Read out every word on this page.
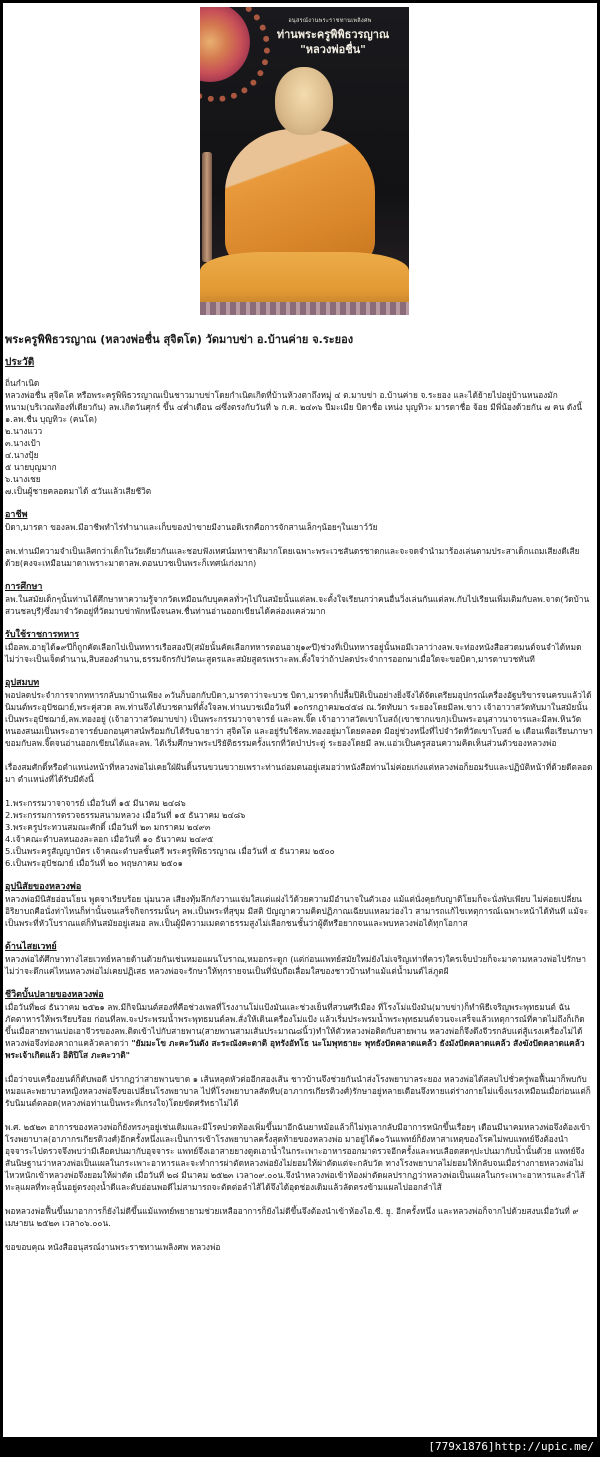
อนุสรณ์งานพระราชทานเพลิงศพ
ท่านพระครูพิพิธวรญาณ
"หลวงพ่อชื่น"
พระครูพิพิธวรญาณ (หลวงพ่อชื่น สุจิตโต) วัดมาบข่า อ.บ้านค่าย จ.ระยอง
ประวัติ

ถิ่นกำเนิด

หลวงพ่อชื่น สุจิตโต หรือพระครูพิพิธวรญาณเป็นชาวมาบข่าโดยกำเนิดเกิดที่บ้านห้วงตาถึงหมู่ ๔ ต.มาบข่า อ.บ้านค่าย จ.ระยอง และได้ย้ายไปอยู่บ้านหนองมักหนาม(บริเวณท้องที่เดียวกัน) ลพ.เกิดวันศุกร์ ขึ้น ๔ค่ำเดือน ๘ซึ่งตรงกับวันที่ ๖ ก.ค. ๒๔๓๖ ปีมะเมีย บิดาชื่อ เหน่ง บุญทิวะ มารดาชื่อ จ้อย มีพี่น้องด้วยกัน ๗ คน ดังนี้

๑.ลพ.ชื่น บุญทิวะ (คนโต)

๒.นางแวว

๓.นางเป้า

๔.นางปุ้ย

๕ นายบุญมาก

๖.นางเชย

๗.เป็นผู้ชายคลอดมาได้ ๕วันแล้วเสียชีวิต

อาชีพ

บิดา,มารดา ของลพ.มีอาชีพทำไร่ทำนาและเก็บของป่าขายมีงานอดิเรกคือการจักสานเล็กๆน้อยๆในเยาว์วัย

ลพ.ท่านมีความจำเป็นเลิศกว่าเด็กในวัยเดียวกันและชอบฟังเทศน์มหาชาติมากโดยเฉพาะพระเวชสันดรชาดกและจะจดจำนำมาร้องเล่นตามประสาเด็กแถมเสียงดีเสียด้วย(คงจะเหมือนมาดาเพราะมาดาลพ.ตอนบวชเป็นพระก็เทศน์เก่งมาก)

การศึกษา

ลพ.ในสมัยเด็กๆนั้นท่านได้ศึกษาหาความรู้จากวัดเหมือนกับบุคคลทั่วๆไปในสมัยนั้นแต่ลพ.จะตั้งใจเรียนกว่าคนอื่นวิ่งเล่นกันแต่ลพ.กับไปเรียนเพิ่มเติมกับลพ.จาด(วัดบ้านสวนชลบุรี)ซึ่งมาจำวัดอยู่ที่วัดมาบข่าพักหนึ่งจนลพ.ชื่นท่านอ่านออกเขียนได้คล่องแคล่วมาก

รับใช้ราชการทหาร

เมื่อลพ.อายุได้๑๙ปีก็ถูกคัดเลือกไปเป็นทหารเรือสองปี(สมัยนั้นคัดเลือกทหารตอนอายุ๑๙ปี)ช่วงที่เป็นทหารอยู่นั้นพอมีเวลาว่างลพ.จะท่องหนังสือสวดมนต์จนจำได้หมด ไม่ว่าจะเป็นเจ็ดตำนาน,สิบสองตำนาน,ธรรมจักรกัปวัตนะสูตรและสมัยสูตรเพราะลพ.ตั้งใจว่าถ้าปลดประจำการออกมาเมื่อใดจะขอบิดา,มารดาบวชทันที

อุปสมบท

พอปลดประจำการจากทหารกลับมาบ้านเพียง ๓วันก็บอกกับบิดา,มารดาว่าจะบวช บิดา,มารดาก็ปลื้มปิติเป็นอย่างยิ่งจึงได้จัดเตรียมอุปกรณ์เครื่องอัฐบริขารจนครบแล้วได้นิมนต์พระอุปัชฌาย์,พระคู่สวด ลพ.ท่านจึงได้บวชตามที่ตั้งใจลพ.ท่านบวชเมื่อวันที่ ๑๐กรกฎาคม๒๔๕๘ ณ.วัดทับมา ระยองโดยมีลพ.ขาว เจ้าอาวาสวัดทับมาในสมัยนั้นเป็นพระอุปัชฌาย์,ลพ.ทองอยู่ (เจ้าอาวาสวัดมาบข่า) เป็นพระกรรมวาจาจารย์ และลพ.จิ๊ด เจ้าอาวาสวัดเขาโบสถ์(เขาชากแขก)เป็นพระอนุสาวนาจารและมีลพ.หินวัดหนองสนมเป็นพระอาจารย์บอกอนุศาสน์พร้อมกับได้รับฉายาว่า สุจิตโต และอยู่รับใช้ลพ.ทองอยู่มาโดยตลอด มีอยู่ช่วงหนึ่งที่ไปจำวัดที่วัดเขาโบสถ์ ๒ เดือนเพื่อเรียนภาษาขอมกับลพ.จิ๊ดจนอ่านออกเขียนได้และลพ. ได้เริ่มศึกษาพระปริยัติธรรมครั้งแรกที่วัดป่าประดู่ ระยองโดยมี ลพ.แอ่วเป็นครูสอนความคิดเห็นส่วนตัวของหลวงพ่อ

เรื่องสมศักดิ์หรือตำแหน่งหน้าที่หลวงพ่อไม่เคยใฝ่ฝันดิ้นรนขวนขวายเพราะท่านถ่อมตนอยู่เสมอว่าหนังสือท่านไม่ค่อยเก่งแต่หลวงพ่อก็ยอมรับและปฏิบัติหน้าที่ด้วยดีตลอดมา ตำแหน่งที่ได้รับมีดังนี้

1.พระกรรมวาจาจารย์ เมื่อวันที่ ๑๕ มีนาคม ๒๔๘๖

2.พระกรรมการตรวจธรรมสนามหลวง เมื่อวันที่ ๑๕ ธันวาคม ๒๔๘๖

3.พระครูประทวนสมณะศักดิ์ เมื่อวันที่ ๒๓ มกราคม ๒๔๙๓

4.เจ้าคณะตำบลหนองละลอก เมื่อวันที่ ๑๐ ธันวาคม ๒๔๙๕

5.เป็นพระครูสัญญาบัตร เจ้าคณะตำบลชั้นตรี พระครูพิพิธวรญาณ เมื่อวันที่ ๕ ธันวาคม ๒๕๐๐

6.เป็นพระอุปัชฌาย์ เมื่อวันที่ ๒๐ พฤษภาคม ๒๕๐๑

อุปนิสัยของหลวงพ่อ

หลวงพ่อมีนิสัยอ่อนโยน พูดจาเรียบร้อย นุ่มนวล เสียงทุ้มลึกกังวานแจ่มใสแต่แฝงไว้ด้วยความมีอำนาจในตัวเอง แม้แต่นั่งคุยกับญาติโยมก็จะนั่งพับเพียบ ไม่ค่อยเปลี่ยนอิริยาบถคือนั่งท่าไหนก็ท่านั้นจนเสร็จกิจกรรมนั้นๆ ลพ.เป็นพระที่สุขุม มีสติ ปัญญาความคิดปฏิภาณเฉียบแหลมว่องไว สามารถแก้ไขเหตุการณ์เฉพาะหน้าได้ทันที แม้จะเป็นพระที่หัวโบราณแต่ก็ทันสมัยอยู่เสมอ ลพ.เป็นผู้มีความเมตตาธรรมสูงไม่เลือกชนชั้นว่าผู้ดีหรือยากจนและพบหลวงพ่อได้ทุกโอกาส

ด้านไสยเวทย์

หลวงพ่อได้ศึกษาทางไสยเวทย์หลายด้านด้วยกันเช่นหมอแผนโบราณ,หมอกระดูก (แต่ก่อนแพทย์สมัยใหม่ยังไม่เจริญเท่าที่ควร)ใครเจ็บป่วยก็จะมาตามหลวงพ่อไปรักษาไม่ว่าจะดึกแค่ไหนหลวงพ่อไม่เคยปฏิเสธ หลวงพ่อจะรักษาให้ทุกรายจนเป็นที่นับถือเลื่อมใสของชาวบ้านทำแม้แต่น้ำมนต์ไล่ภูตผี

ชีวิตบั้นปลายของหลวงพ่อ

เมื่อวันที่๒๘ ธันวาคม ๒๕๒๑ ลพ.มีกิจนิมนต์สองที่คือช่วงเพลที่โรงงานโม่แป้งมันและช่วงเย็นที่สวนศรีเมือง ที่โรงโม่แป้งมัน(มาบข่า)ก็ทำพิธีเจริญพระพุทธมนต์ ฉันภัตตาหารให้พรเรียบร้อย ก่อนที่ลพ.จะประพรมน้ำพระพุทธมนต์ลพ.สั่งให้เดินเครื่องโม่แป้ง แล้วเริ่มประพรมน้ำพระพุทธมนต์จวนจะเสร็จแล้วเหตุการณ์ที่คาดไม่ถึงก็เกิดขึ้นเมื่อสายพานเบ่อเอาจีวรของลพ.ติดเข้าไปกับสายพาน(สายพานสามเส้นประมาณ๘นิ้ว)ทำให้ตัวหลวงพ่อติดกับสายพาน หลวงพ่อก็จึงดึงจีวรกลับแต่สู้แรงเครื่องไม่ได้หลวงพ่อจึงท่องคาถาแคล้วคลาดว่า "ยัมมะโข ภะคะวันตัง สะระณังคะตาติ อุทรังอัทโธ นะโมพุทธายะ พุทธังปัดคลาดแคล้ว ธังมังปัดคลาดแคล้ว สังฆังปัดคลาดแคล้วพระเจ้าเกิดแล้ว อิติปิโส ภะคะวาติ"

เมื่อว่าจบเครื่องยนต์ก็ดับพอดี ปรากฏว่าสายพานขาด ๑ เส้นหลุดหัวต่ออีกสองเส้น ชาวบ้านจึงช่วยกันนำส่งโรงพยาบาลระยอง หลวงพ่อได้สลบไปชั่วครู่พอฟื้นมาก็พบกับหมอและพยาบาลหญิงหลวงพ่อจึงขอเปลี่ยนโรงพยาบาล ไปที่โรงพยาบาลสัตหีบ(อาภากรเกียรติวงศ์)รักษาอยู่หลายเดือนจึงหายแต่ร่างกายไม่แข็งแรงเหมือนเมื่อก่อนแต่ก็รับนิมนต์ตลอด(หลวงพ่อท่านเป็นพระที่เกรงใจ)โดยขัดศรัทธาไม่ได้

พ.ศ. ๒๕๒๓ อาการของหลวงพ่อก็ยังทรงๆอยู่เช่นเดิมและมีโรคปวดท้องเพิ่มขึ้นมาอีกฉันยาหม้อแล้วก็ไม่ทุเลากลับมีอาการหนักขึ้นเรื่อยๆ เดือนมีนาคมหลวงพ่อจึงต้องเข้าโรงพยาบาล(อาภากรเกียรติวงศ์)อีกครั้งหนึ่งและเป็นการเข้าโรงพยาบาลครั้งสุดท้ายของหลวงพ่อ มาอยู่ได้๑๐วันแพทย์ก็ยังหาสาเหตุของโรคไม่พบแพทย์จึงต้องนำอุจจาระไปตรวจจึงพบว่ามีเลือดปนมากับอุจจาระ แพทย์จึงเอาสายยางดูดเอาน้ำในกระเพาะอาหารออกมาตรวจอีกครั้งและพบเลือดสดๆปะปนมากับน้ำนั้นด้วย แพทย์จึงสันนิษฐานว่าหลวงพ่อเป็นแผลในกระเพาะอาหารและจะทำการผ่าตัดหลวงพ่อยังไม่ยอมให้ผ่าตัดแต่จะกลับวัด ทางโรงพยาบาลไม่ยอมให้กลับจนเมื่อร่างกายหลวงพ่อไม่ไหวหนักเข้าหลวงพ่อจึงยอมให้ผ่าตัด เมื่อวันที่ ๒๘ มีนาคม ๒๕๒๓ เวลา๐๙.๐๐น.จึงนำหลวงพ่อเข้าห้องผ่าตัดผลปรากฏว่าหลวงพ่อเป็นแผลในกระเพาะอาหารและลำไส้ทะลุแผลที่ทะลุนั้นอยู่ตรงถุงน้ำดีและตับอ่อนพอดีไม่สามารถจะตัดต่อลำไส้ได้จึงได้อุดช่องเดิมแล้วลัดตรงข้ามแผลไปออกลำไส้

พอหลวงพ่อฟื้นขึ้นมาอาการก็ยังไม่ดีขึ้นแม้แพทย์พยายามช่วยเหลืออาการก็ยังไม่ดีขึ้นจึงต้องนำเข้าห้องไอ.ซี. ยู. อีกครั้งหนึ่ง และหลวงพ่อก็จากไปด้วยสงบเมื่อวันที่ ๙ เมษายน ๒๕๒๓ เวลา๐๖.๐๐น.

ขอขอบคุณ หนังสืออนุสรณ์งานพระราชทานเพลิงศพ หลวงพ่อ

[779x1876]http://upic.me/
